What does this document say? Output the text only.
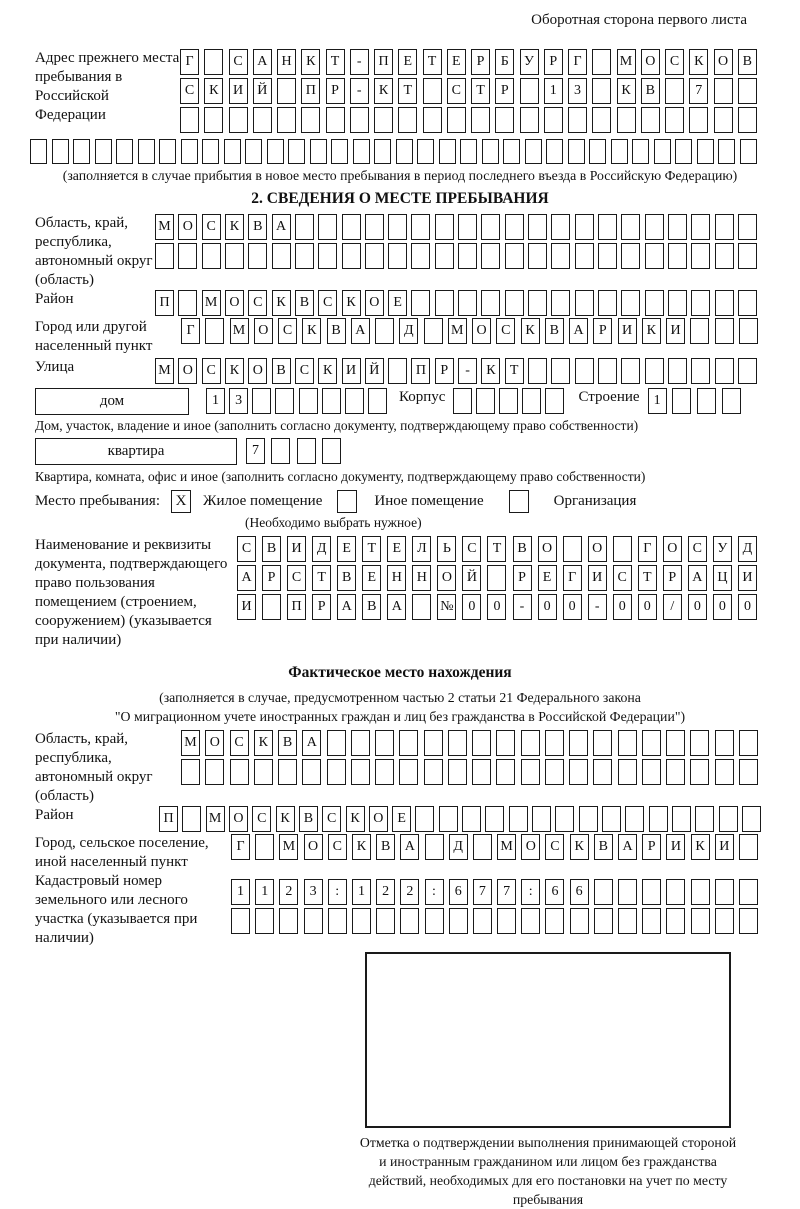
Оборотная сторона первого листа
Адрес прежнего места пребывания в Российской Федерации
Г	С	А	Н	К	Т	-	П	Е	Т	Е	Р	Б	У	Р	Г	М О	С	К	О	В
С	К	И	Й	П	Р	-	К	Т	С	Т	Р	1	3	К	В	7
(заполняется в случае прибытия в новое место пребывания в период последнего въезда в Российскую Федерацию)
2. СВЕДЕНИЯ О МЕСТЕ ПРЕБЫВАНИЯ
Область, край, республика, автономный округ (область)
М О С К В А
Район	П	М О С К В С К О Е
Город или другой населенный пункт
Г	М О	С	К	В	А	Д	М О	С	К	В	А	Р	И	К	И
Улица	М О С К О В С К И Й	П	Р	-	К	Т
дом	1	3	Корпус	Строение	1
Дом, участок, владение и иное (заполнить согласно документу, подтверждающему право собственности)
квартира	7
Квартира, комната, офис и иное (заполнить согласно документу, подтверждающему право собственности)
Место пребывания:	X	Жилое помещение	Иное помещение	Организация
(Необходимо выбрать нужное)
Наименование и реквизиты документа, подтверждающего право пользования помещением (строением, сооружением) (указывается при наличии)
С	В	И	Д	Е	Т	Е	Л	Ь	С	Т	В	О	О	Г	О	С	У	Д
А	Р	С	Т	В	Е	Н	Н	О	Й	Р	Е	Г	И	С	Т	Р	А	Ц	И
И	П	Р	А	В	А	№	0	0	-	0	0	-	0	0	/	0	0	0
Фактическое место нахождения
(заполняется в случае, предусмотренном частью 2 статьи 21 Федерального закона
"О миграционном учете иностранных граждан и лиц без гражданства в Российской Федерации")
Область, край, республика, автономный округ (область)
М О	С	К	В	А
Район	П	М О С К В С К О Е
Город, сельское поселение, иной населенный пункт
Г	М О	С	К	В	А	Д	М О	С	К	В	А	Р	И	К	И
Кадастровый номер земельного или лесного участка (указывается при наличии)
1	1	2	3	:	1	2	2	:	6	7	7	:	6	6
Отметка о подтверждении выполнения принимающей стороной и иностранным гражданином или лицом без гражданства действий, необходимых для его постановки на учет по месту пребывания
